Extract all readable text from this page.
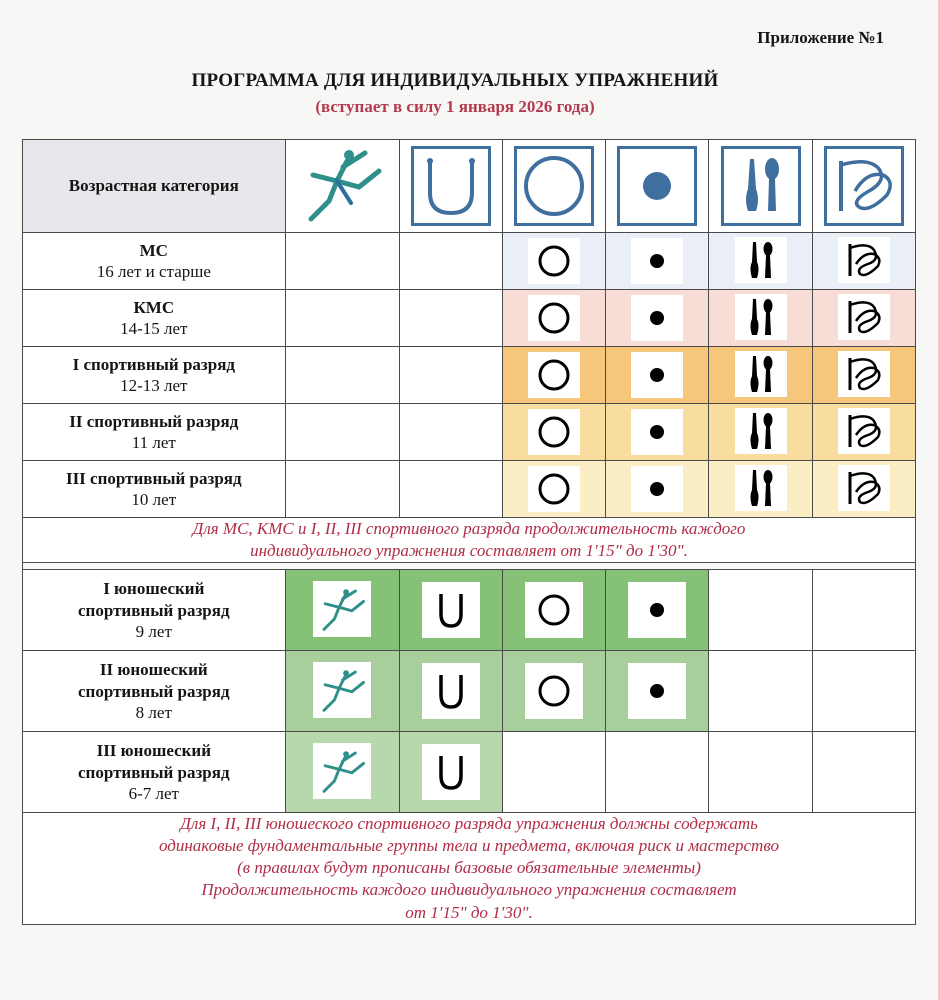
Приложение №1
ПРОГРАММА ДЛЯ ИНДИВИДУАЛЬНЫХ УПРАЖНЕНИЙ
(вступает в силу 1 января 2026 года)
Возрастная категория		

МС
16 лет и старше

КМС
14-15 лет

I спортивный разряд
12-13 лет

II спортивный разряд
11 лет

III спортивный разряд
10 лет

Для МС, КМС и I, II, III спортивного разряда продолжительность каждого
индивидуального упражнения составляет от 1'15" до 1'30".						

I юношеский
спортивный разряд
9 лет

II юношеский
спортивный разряд
8 лет

III юношеский
спортивный разряд
6-7 лет

Для I, II, III юношеского спортивного разряда упражнения должны содержать
одинаковые фундаментальные группы тела и предмета, включая риск и мастерство
(в правилах будут прописаны базовые обязательные элементы)
Продолжительность каждого индивидуального упражнения составляет
от 1'15" до 1'30".						
